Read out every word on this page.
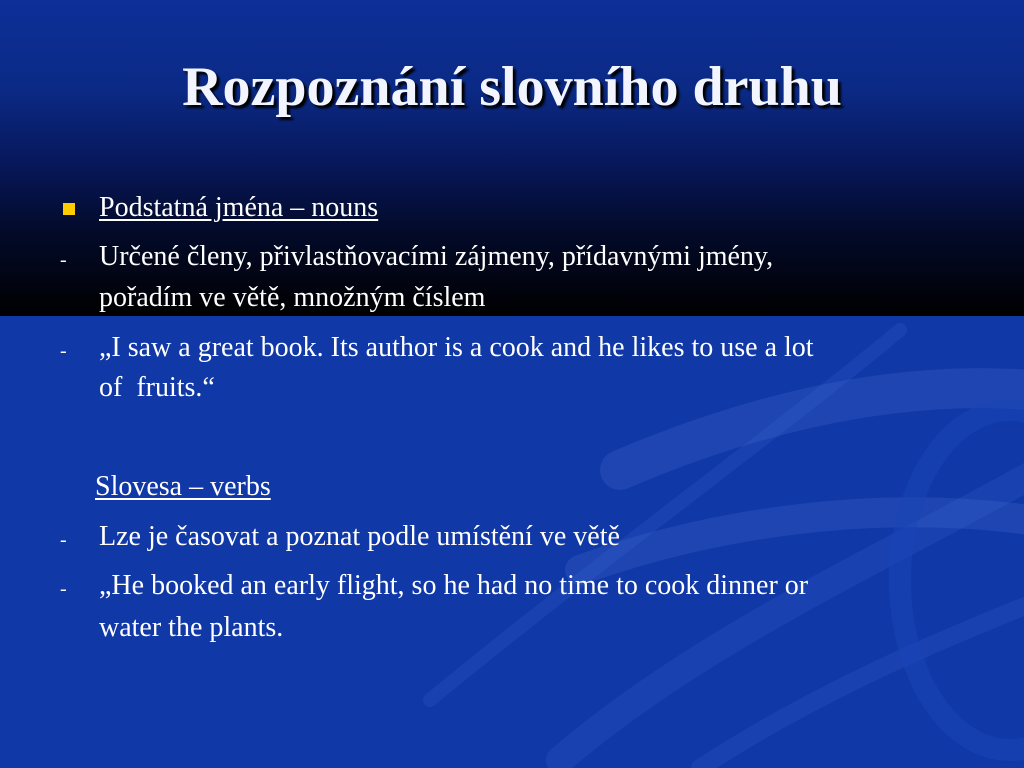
Rozpoznání slovního druhu
Podstatná jména – nouns
- Určené členy, přivlastňovacími zájmeny, přídavnými jmény,
pořadím ve větě, množným číslem
- „I saw a great book. Its author is a cook and he likes to use a lot
of  fruits.“
Slovesa – verbs
- Lze je časovat a poznat podle umístění ve větě
- „He booked an early flight, so he had no time to cook dinner or
water the plants.
